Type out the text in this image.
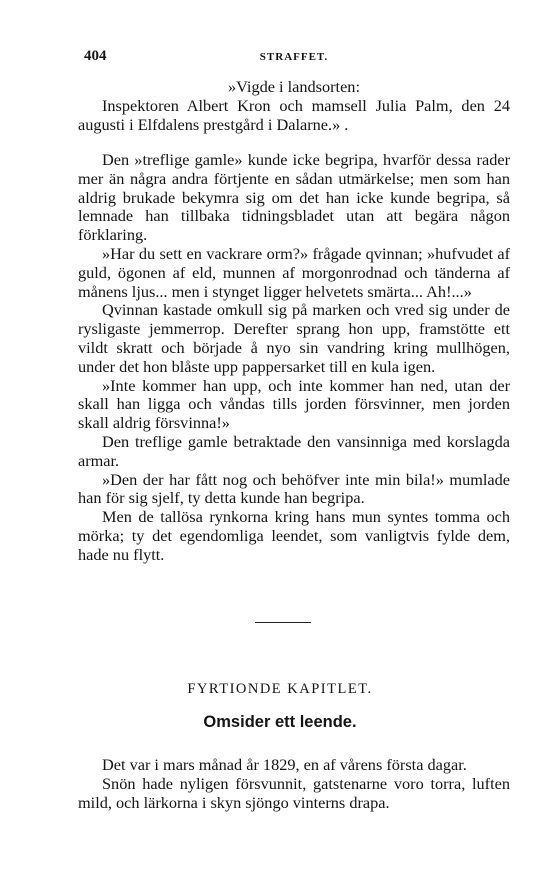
404	STRAFFET.

»Vigde i landsorten:

Inspektoren Albert Kron och mamsell Julia Palm, den 24 augusti i Elfdalens prestgård i Dalarne.» .

Den »treflige gamle» kunde icke begripa, hvarför dessa rader mer än några andra förtjente en sådan utmärkelse; men som han aldrig brukade bekymra sig om det han icke kunde begripa, så lemnade han tillbaka tidningsbladet utan att begära någon förklaring.

»Har du sett en vackrare orm?» frågade qvinnan; »hufvudet af guld, ögonen af eld, munnen af morgonrodnad och tänderna af månens ljus... men i stynget ligger helvetets smärta... Ah!...»

Qvinnan kastade omkull sig på marken och vred sig under de rysligaste jemmerrop. Derefter sprang hon upp, framstötte ett vildt skratt och började å nyo sin vandring kring mullhögen, under det hon blåste upp pappersarket till en kula igen.

»Inte kommer han upp, och inte kommer han ned, utan der skall han ligga och våndas tills jorden försvinner, men jorden skall aldrig försvinna!»

Den treflige gamle betraktade den vansinniga med korslagda armar.

»Den der har fått nog och behöfver inte min bila!» mumlade han för sig sjelf, ty detta kunde han begripa.

Men de tallösa rynkorna kring hans mun syntes tomma och mörka; ty det egendomliga leendet, som vanligtvis fylde dem, hade nu flytt.

FYRTIONDE KAPITLET.
Omsider ett leende.

Det var i mars månad år 1829, en af vårens första dagar.

Snön hade nyligen försvunnit, gatstenarne voro torra, luften mild, och lärkorna i skyn sjöngo vinterns drapa.
